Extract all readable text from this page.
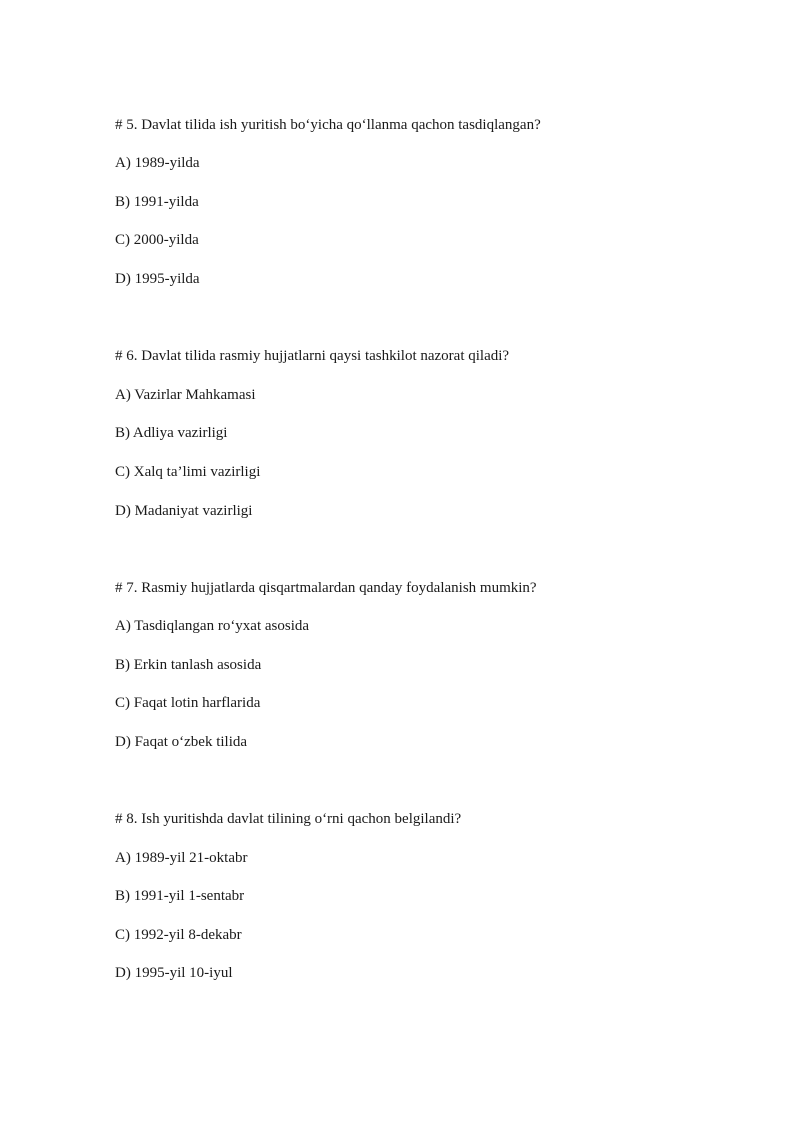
# 5. Davlat tilida ish yuritish bo‘yicha qo‘llanma qachon tasdiqlangan?
A) 1989-yilda
B) 1991-yilda
C) 2000-yilda
D) 1995-yilda
# 6. Davlat tilida rasmiy hujjatlarni qaysi tashkilot nazorat qiladi?
A) Vazirlar Mahkamasi
B) Adliya vazirligi
C) Xalq ta’limi vazirligi
D) Madaniyat vazirligi
# 7. Rasmiy hujjatlarda qisqartmalardan qanday foydalanish mumkin?
A) Tasdiqlangan ro‘yxat asosida
B) Erkin tanlash asosida
C) Faqat lotin harflarida
D) Faqat o‘zbek tilida
# 8. Ish yuritishda davlat tilining o‘rni qachon belgilandi?
A) 1989-yil 21-oktabr
B) 1991-yil 1-sentabr
C) 1992-yil 8-dekabr
D) 1995-yil 10-iyul
